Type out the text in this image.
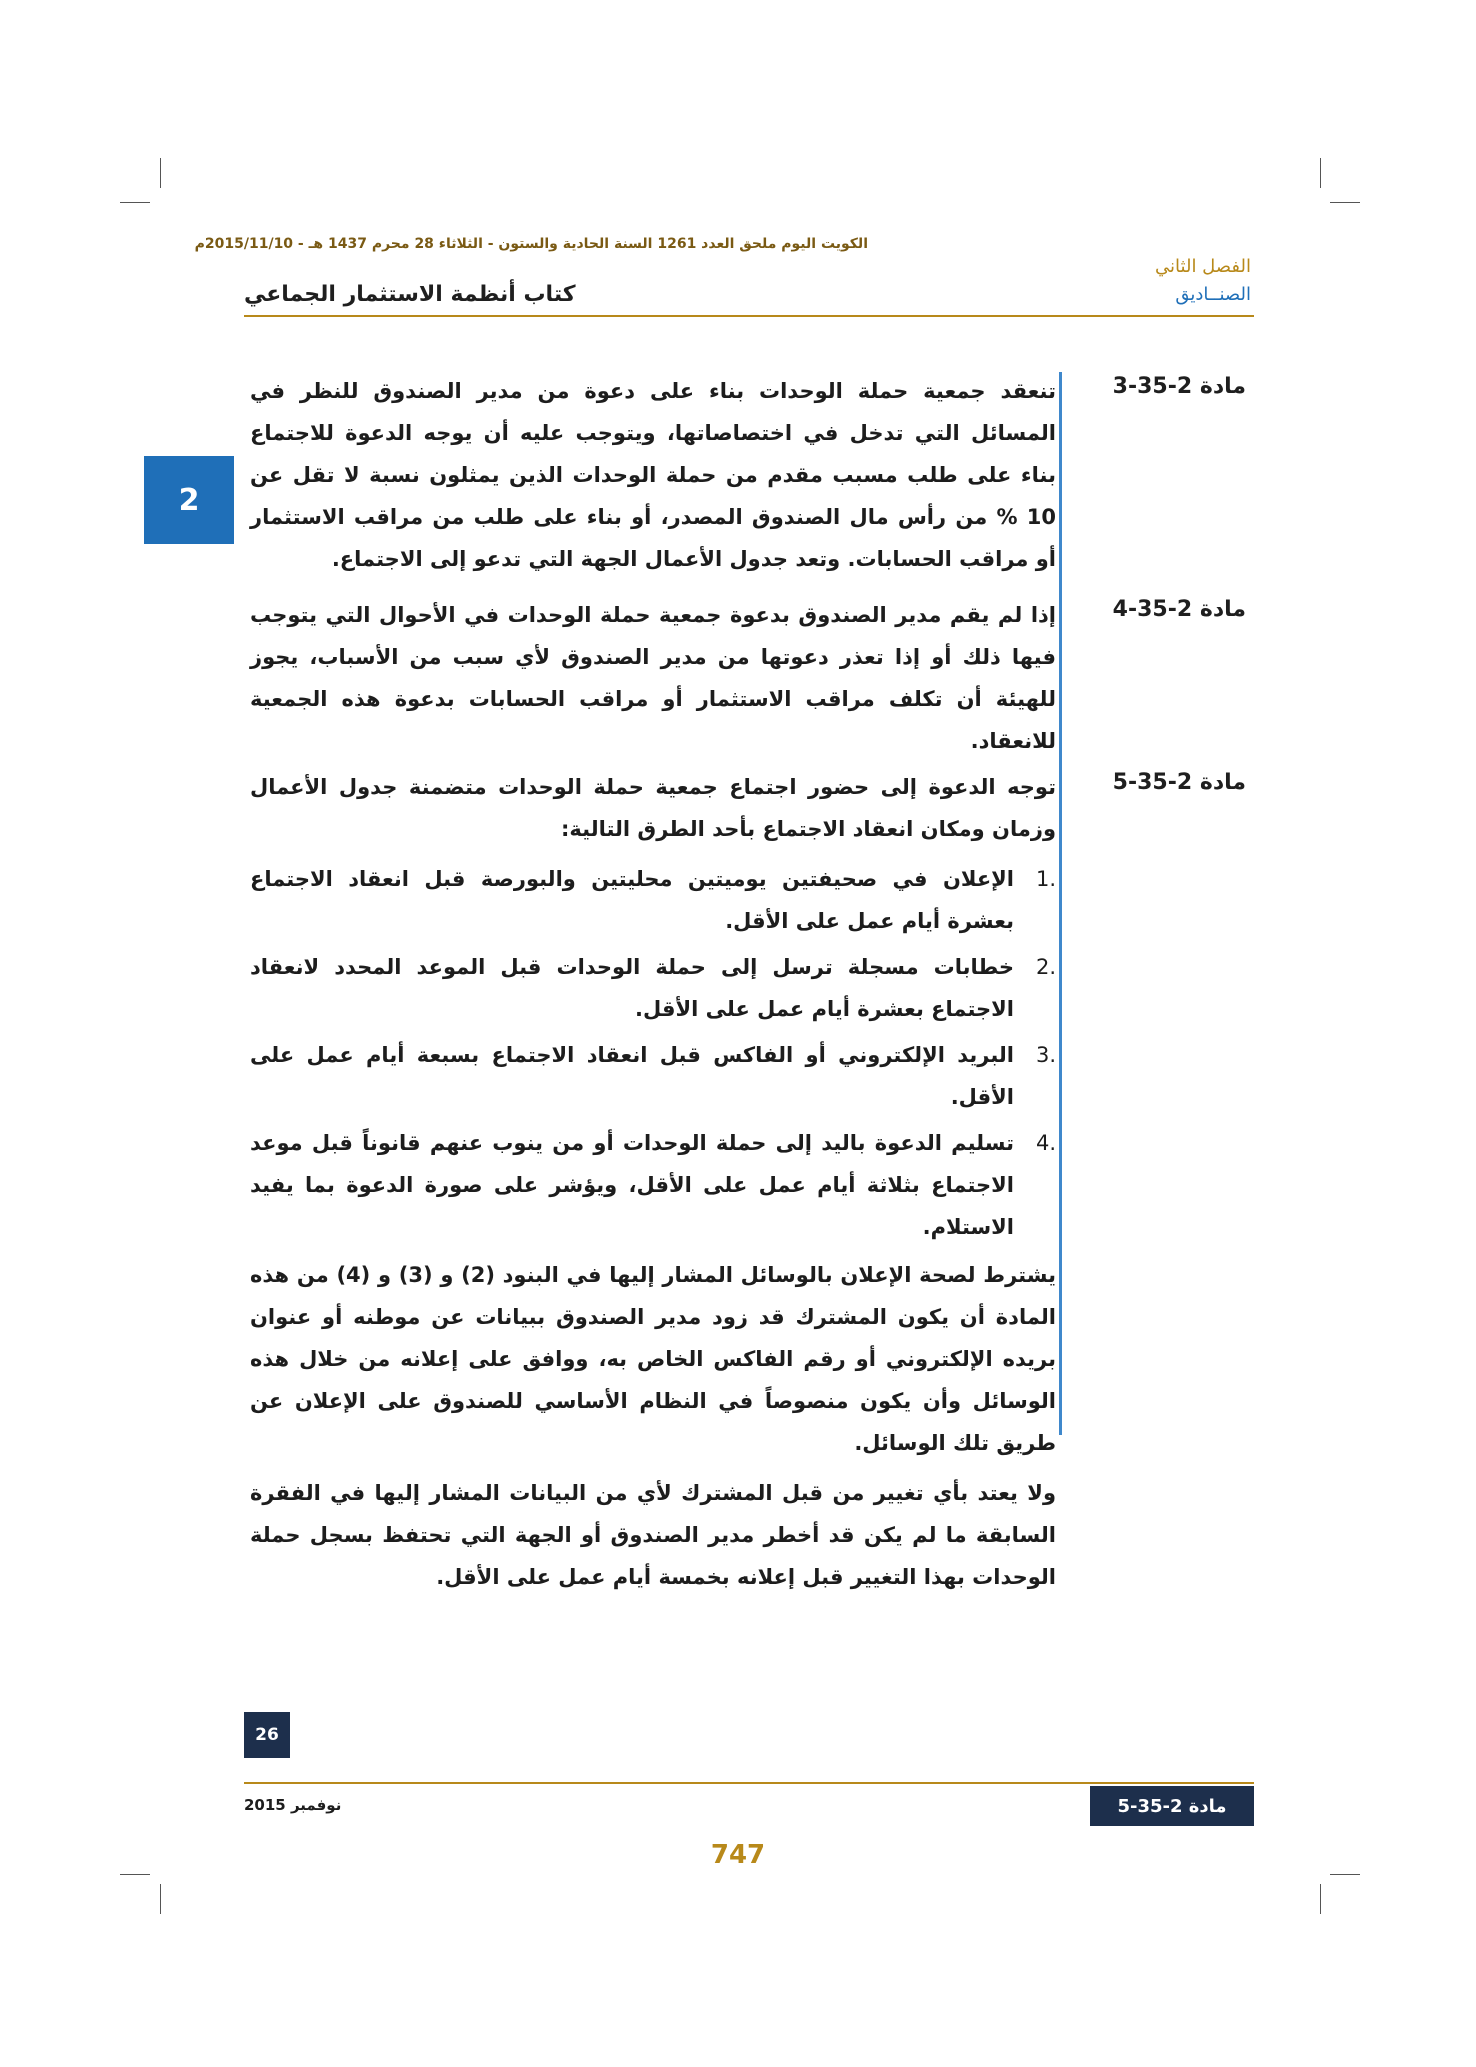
الكويت اليوم ملحق العدد 1261 السنة الحادية والستون - الثلاثاء 28 محرم 1437 هـ - 2015/11/10م
الفصل الثاني
الصنــاديق
كتاب أنظمة الاستثمار الجماعي
2
مادة 2-35-3

تنعقد جمعية حملة الوحدات بناء على دعوة من مدير الصندوق للنظر في المسائل التي تدخل في اختصاصاتها، ويتوجب عليه أن يوجه الدعوة للاجتماع بناء على طلب مسبب مقدم من حملة الوحدات الذين يمثلون نسبة لا تقل عن 10 % من رأس مال الصندوق المصدر، أو بناء على طلب من مراقب الاستثمار أو مراقب الحسابات. وتعد جدول الأعمال الجهة التي تدعو إلى الاجتماع.

مادة 2-35-4

إذا لم يقم مدير الصندوق بدعوة جمعية حملة الوحدات في الأحوال التي يتوجب فيها ذلك أو إذا تعذر دعوتها من مدير الصندوق لأي سبب من الأسباب، يجوز للهيئة أن تكلف مراقب الاستثمار أو مراقب الحسابات بدعوة هذه الجمعية للانعقاد.

مادة 2-35-5

توجه الدعوة إلى حضور اجتماع جمعية حملة الوحدات متضمنة جدول الأعمال وزمان ومكان انعقاد الاجتماع بأحد الطرق التالية:

1.
الإعلان في صحيفتين يوميتين محليتين والبورصة قبل انعقاد الاجتماع بعشرة أيام عمل على الأقل.
2.
خطابات مسجلة ترسل إلى حملة الوحدات قبل الموعد المحدد لانعقاد الاجتماع بعشرة أيام عمل على الأقل.
3.
البريد الإلكتروني أو الفاكس قبل انعقاد الاجتماع بسبعة أيام عمل على الأقل.
4.
تسليم الدعوة باليد إلى حملة الوحدات أو من ينوب عنهم قانوناً قبل موعد الاجتماع بثلاثة أيام عمل على الأقل، ويؤشر على صورة الدعوة بما يفيد الاستلام.

يشترط لصحة الإعلان بالوسائل المشار إليها في البنود (2) و (3) و (4) من هذه المادة أن يكون المشترك قد زود مدير الصندوق ببيانات عن موطنه أو عنوان بريده الإلكتروني أو رقم الفاكس الخاص به، ووافق على إعلانه من خلال هذه الوسائل وأن يكون منصوصاً في النظام الأساسي للصندوق على الإعلان عن طريق تلك الوسائل.

ولا يعتد بأي تغيير من قبل المشترك لأي من البيانات المشار إليها في الفقرة السابقة ما لم يكن قد أخطر مدير الصندوق أو الجهة التي تحتفظ بسجل حملة الوحدات بهذا التغيير قبل إعلانه بخمسة أيام عمل على الأقل.

26
نوفمبر 2015	مادة 2-35-5
747
